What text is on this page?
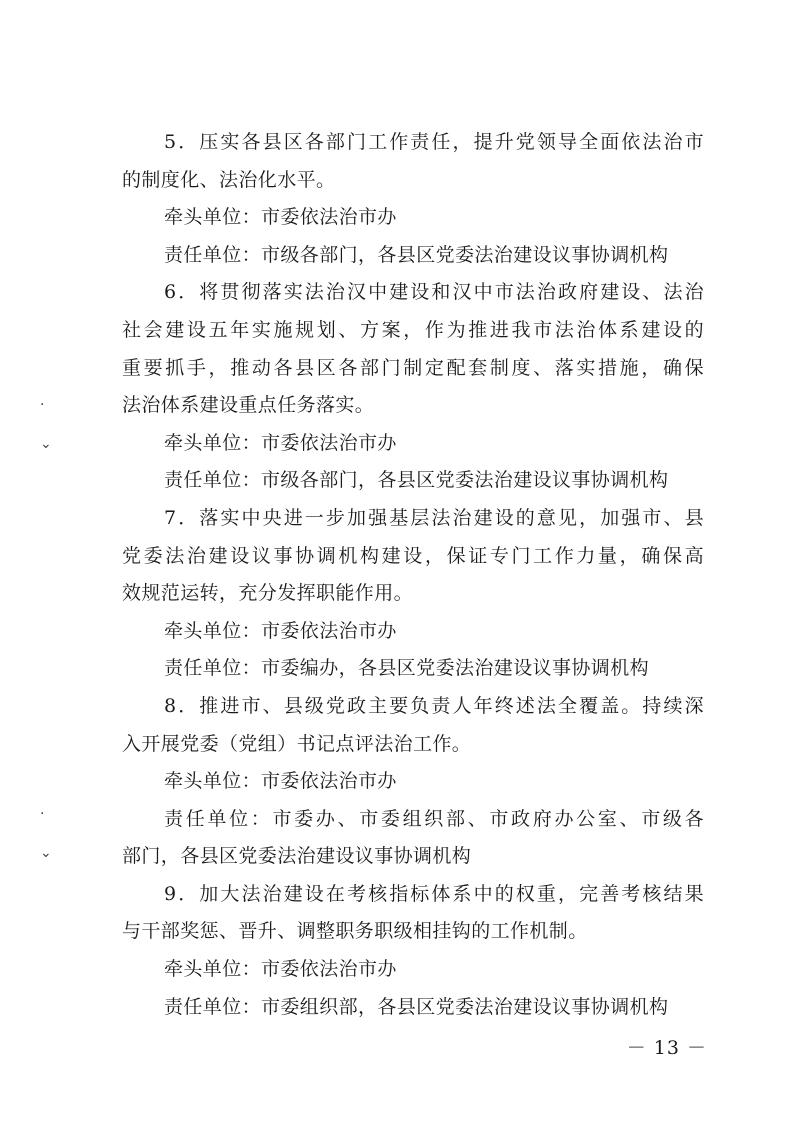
5．压实各县区各部门工作责任，提升党领导全面依法治市
的制度化、法治化水平。
牵头单位：市委依法治市办
责任单位：市级各部门，各县区党委法治建设议事协调机构
6．将贯彻落实法治汉中建设和汉中市法治政府建设、法治
社会建设五年实施规划、方案，作为推进我市法治体系建设的
重要抓手，推动各县区各部门制定配套制度、落实措施，确保
法治体系建设重点任务落实。
牵头单位：市委依法治市办
责任单位：市级各部门，各县区党委法治建设议事协调机构
7．落实中央进一步加强基层法治建设的意见，加强市、县
党委法治建设议事协调机构建设，保证专门工作力量，确保高
效规范运转，充分发挥职能作用。
牵头单位：市委依法治市办
责任单位：市委编办，各县区党委法治建设议事协调机构
8．推进市、县级党政主要负责人年终述法全覆盖。持续深
入开展党委（党组）书记点评法治工作。
牵头单位：市委依法治市办
责任单位：市委办、市委组织部、市政府办公室、市级各
部门，各县区党委法治建设议事协调机构
9．加大法治建设在考核指标体系中的权重，完善考核结果
与干部奖惩、晋升、调整职务职级相挂钩的工作机制。
牵头单位：市委依法治市办
责任单位：市委组织部，各县区党委法治建设议事协调机构
·
⌄
·
⌄
－ 13 －
